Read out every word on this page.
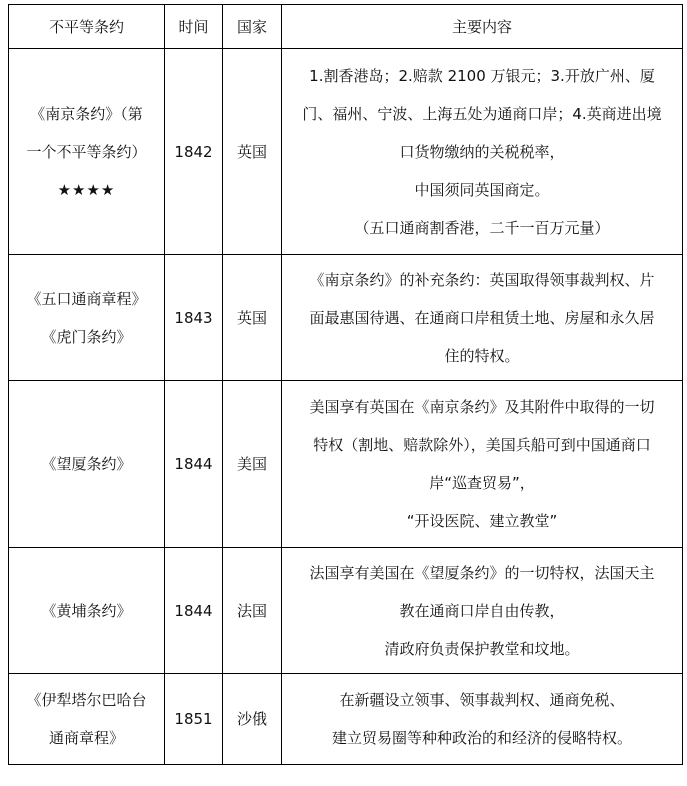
不平等条约	时间	国家	主要内容

《南京条约》（第
一个不平等条约）
★★★★	1842	英国	1.割香港岛；2.赔款 2100 万银元；3.开放广州、厦
门、福州、宁波、上海五处为通商口岸；4.英商进出境
口货物缴纳的关税税率，
中国须同英国商定。
（五口通商割香港，二千一百万元量）

《五口通商章程》
《虎门条约》	1843	英国	《南京条约》的补充条约：英国取得领事裁判权、片
面最惠国待遇、在通商口岸租赁土地、房屋和永久居
住的特权。

《望厦条约》	1844	美国	美国享有英国在《南京条约》及其附件中取得的一切
特权（割地、赔款除外），美国兵船可到中国通商口
岸“巡查贸易”，
“开设医院、建立教堂”

《黄埔条约》	1844	法国	法国享有美国在《望厦条约》的一切特权，法国天主
教在通商口岸自由传教，
清政府负责保护教堂和坟地。

《伊犁塔尔巴哈台
通商章程》	1851	沙俄	在新疆设立领事、领事裁判权、通商免税、
建立贸易圈等种种政治的和经济的侵略特权。
